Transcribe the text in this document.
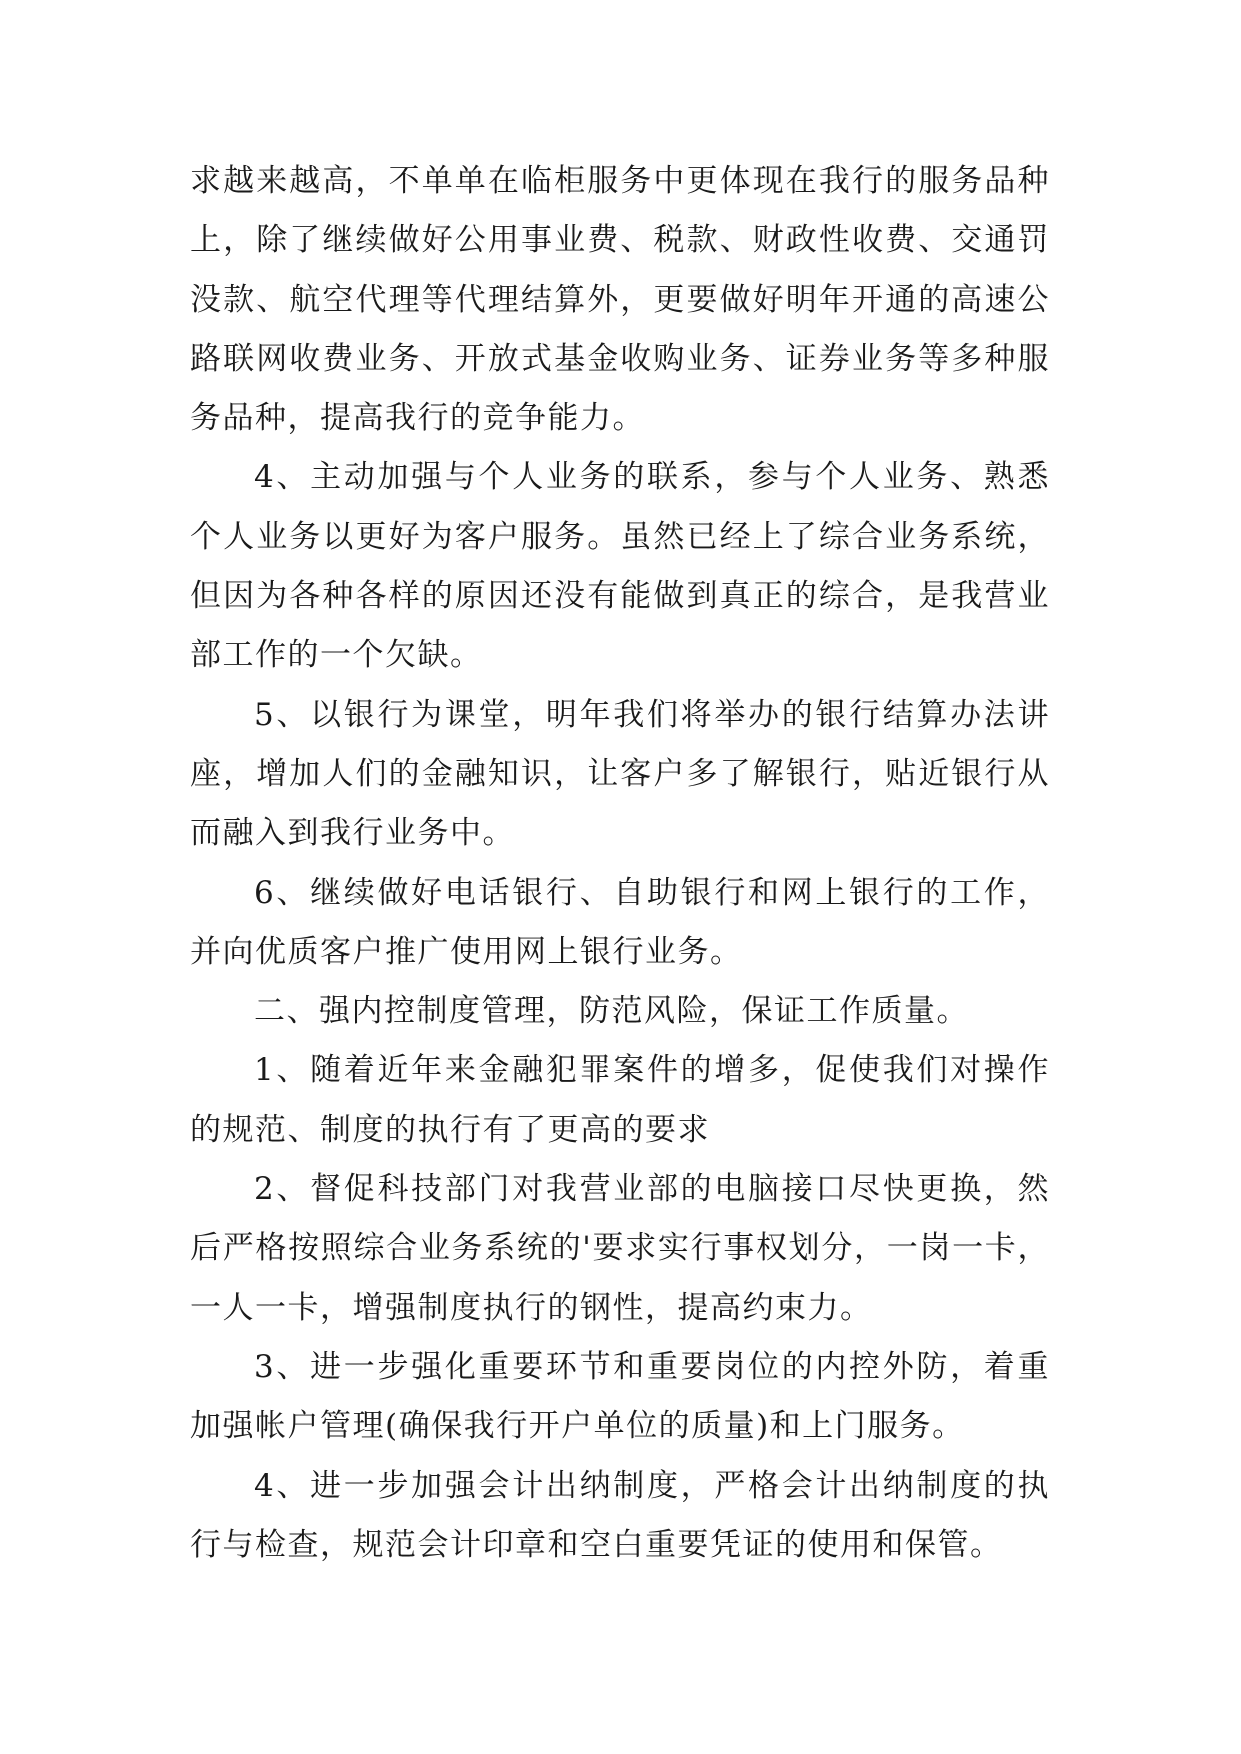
求越来越高，不单单在临柜服务中更体现在我行的服务品种上，除了继续做好公用事业费、税款、财政性收费、交通罚没款、航空代理等代理结算外，更要做好明年开通的高速公路联网收费业务、开放式基金收购业务、证券业务等多种服务品种，提高我行的竞争能力。

4、主动加强与个人业务的联系，参与个人业务、熟悉个人业务以更好为客户服务。虽然已经上了综合业务系统，但因为各种各样的原因还没有能做到真正的综合，是我营业部工作的一个欠缺。

5、以银行为课堂，明年我们将举办的银行结算办法讲座，增加人们的金融知识，让客户多了解银行，贴近银行从而融入到我行业务中。

6、继续做好电话银行、自助银行和网上银行的工作，并向优质客户推广使用网上银行业务。

二、强内控制度管理，防范风险，保证工作质量。

1、随着近年来金融犯罪案件的增多，促使我们对操作的规范、制度的执行有了更高的要求

2、督促科技部门对我营业部的电脑接口尽快更换，然后严格按照综合业务系统的'要求实行事权划分，一岗一卡，一人一卡，增强制度执行的钢性，提高约束力。

3、进一步强化重要环节和重要岗位的内控外防，着重加强帐户管理(确保我行开户单位的质量)和上门服务。

4、进一步加强会计出纳制度，严格会计出纳制度的执行与检查，规范会计印章和空白重要凭证的使用和保管。
